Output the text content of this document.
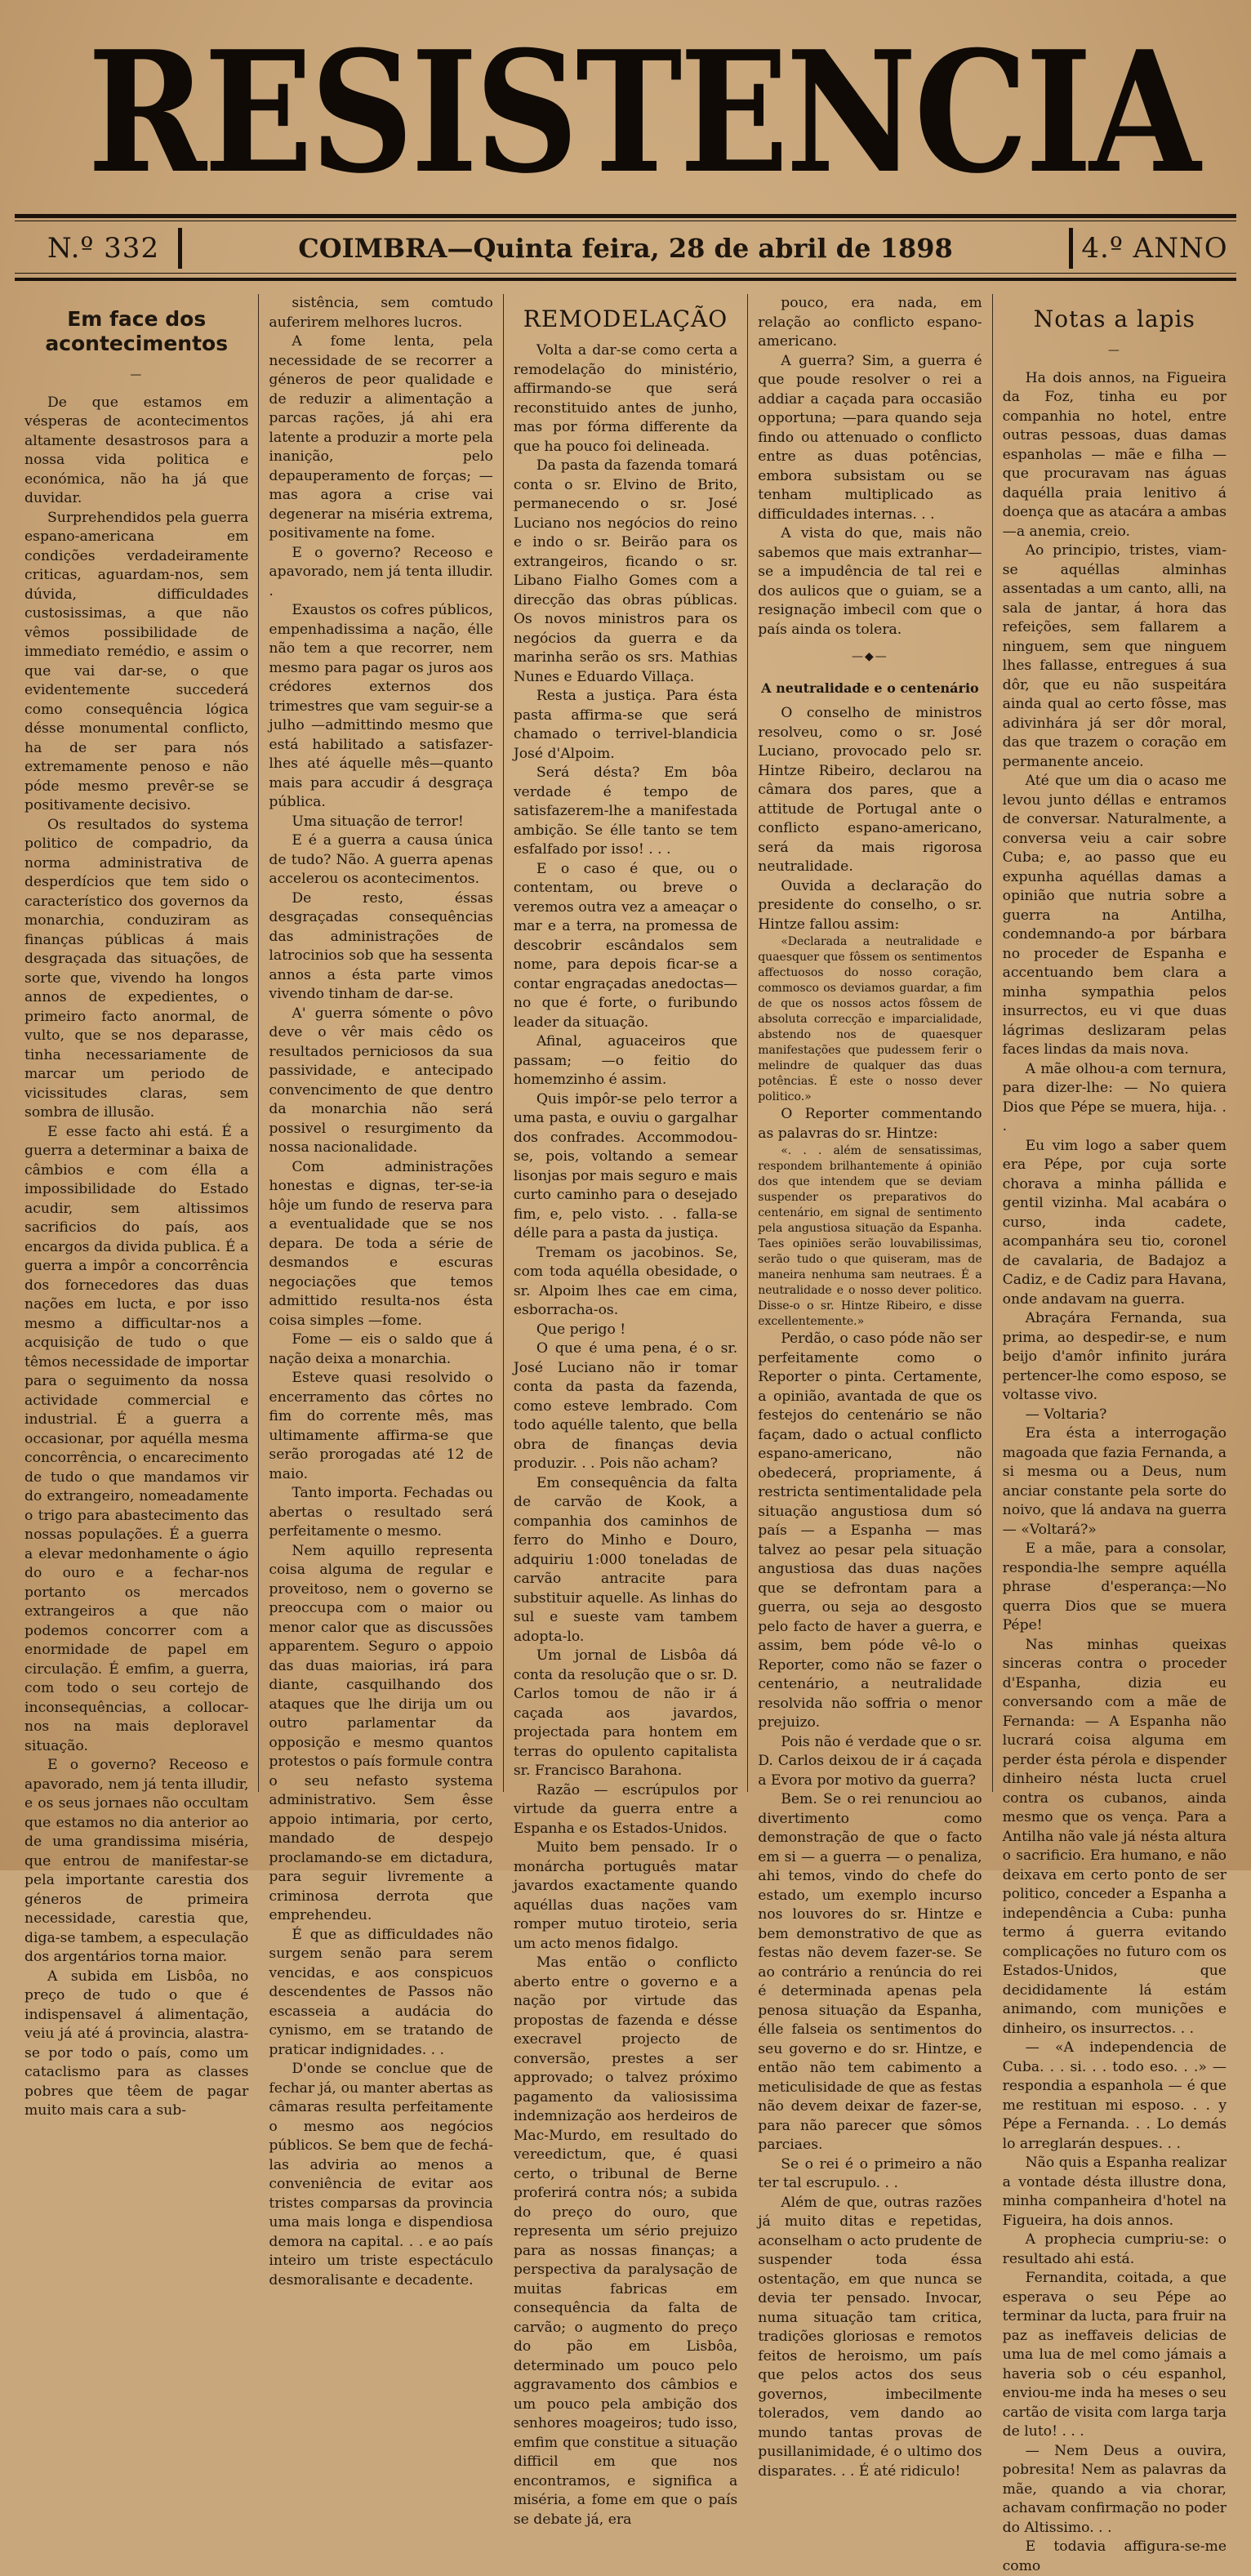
RESISTENCIA
N.º 332	COIMBRA—Quinta feira, 28 de abril de 1898	4.º ANNO
Em face dos acontecimentos
—

De que estamos em vésperas de acontecimentos altamente desastrosos para a nossa vida politica e económica, não ha já que duvidar.

Surprehendidos pela guerra espano-americana em condições verdadeiramente criticas, aguardam-nos, sem dúvida, difficuldades custosissimas, a que não vêmos possibilidade de immediato remédio, e assim o que vai dar-se, o que evidentemente succederá como consequência lógica désse monumental conflicto, ha de ser para nós extremamente penoso e não póde mesmo prevêr-se se positivamente decisivo.

Os resultados do systema politico de compadrio, da norma administrativa de desperdícios que tem sido o característico dos governos da monarchia, conduziram as finanças públicas á mais desgraçada das situações, de sorte que, vivendo ha longos annos de expedientes, o primeiro facto anormal, de vulto, que se nos deparasse, tinha necessariamente de marcar um periodo de vicissitudes claras, sem sombra de illusão.

E esse facto ahi está. É a guerra a determinar a baixa de câmbios e com élla a impossibilidade do Estado acudir, sem altissimos sacrificios do país, aos encargos da divida publica. É a guerra a impôr a concorrência dos fornecedores das duas nações em lucta, e por isso mesmo a difficultar-nos a acquisição de tudo o que têmos necessidade de importar para o seguimento da nossa actividade commercial e industrial. É a guerra a occasionar, por aquélla mesma concorrência, o encarecimento de tudo o que mandamos vir do extrangeiro, nomeadamente o trigo para abastecimento das nossas populações. É a guerra a elevar medonhamente o ágio do ouro e a fechar-nos portanto os mercados extrangeiros a que não podemos concorrer com a enormidade de papel em circulação. É emfim, a guerra, com todo o seu cortejo de inconsequências, a collocar-nos na mais deploravel situação.

E o governo? Receoso e apavorado, nem já tenta illudir, e os seus jornaes não occultam que estamos no dia anterior ao de uma grandissima miséria, que entrou de manifestar-se pela importante carestia dos géneros de primeira necessidade, carestia que, diga-se tambem, a especulação dos argentários torna maior.

A subida em Lisbôa, no preço de tudo o que é indispensavel á alimentação, veiu já até á provincia, alastra-se por todo o país, como um cataclismo para as classes pobres que têem de pagar muito mais cara a sub-

sistência, sem comtudo auferirem melhores lucros.

A fome lenta, pela necessidade de se recorrer a géneros de peor qualidade e de reduzir a alimentação a parcas rações, já ahi era latente a produzir a morte pela inanição, pelo depauperamento de forças; —mas agora a crise vai degenerar na miséria extrema, positivamente na fome.

E o governo? Receoso e apavorado, nem já tenta illudir. .

Exaustos os cofres públicos, empenhadissima a nação, élle não tem a que recorrer, nem mesmo para pagar os juros aos crédores externos dos trimestres que vam seguir-se a julho —admittindo mesmo que está habilitado a satisfazer-lhes até áquelle mês—quanto mais para accudir á desgraça pública.

Uma situação de terror!

E é a guerra a causa única de tudo? Não. A guerra apenas accelerou os acontecimentos.

De resto, éssas desgraçadas consequências das administrações de latrocinios sob que ha sessenta annos a ésta parte vimos vivendo tinham de dar-se.

A' guerra sómente o pôvo deve o vêr mais cêdo os resultados perniciosos da sua passividade, e antecipado convencimento de que dentro da monarchia não será possivel o resurgimento da nossa nacionalidade.

Com administrações honestas e dignas, ter-se-ia hôje um fundo de reserva para a eventualidade que se nos depara. De toda a série de desmandos e escuras negociações que temos admittido resulta-nos ésta coisa simples —fome.

Fome — eis o saldo que á nação deixa a monarchia.

Esteve quasi resolvido o encerramento das côrtes no fim do corrente mês, mas ultimamente affirma-se que serão prorogadas até 12 de maio.

Tanto importa. Fechadas ou abertas o resultado será perfeitamente o mesmo.

Nem aquillo representa coisa alguma de regular e proveitoso, nem o governo se preoccupa com o maior ou menor calor que as discussões apparentem. Seguro o appoio das duas maiorias, irá para diante, casquilhando dos ataques que lhe dirija um ou outro parlamentar da opposição e mesmo quantos protestos o país formule contra o seu nefasto systema administrativo. Sem êsse appoio intimaria, por certo, mandado de despejo proclamando-se em dictadura, para seguir livremente a criminosa derrota que emprehendeu.

É que as difficuldades não surgem senão para serem vencidas, e aos conspicuos descendentes de Passos não escasseia a audácia do cynismo, em se tratando de praticar indignidades. . .

D'onde se conclue que de fechar já, ou manter abertas as câmaras resulta perfeitamente o mesmo aos negócios públicos. Se bem que de fechá-las adviria ao menos a conveniência de evitar aos tristes comparsas da provincia uma mais longa e dispendiosa demora na capital. . . e ao país inteiro um triste espectáculo desmoralisante e decadente.

REMODELAÇÃO

Volta a dar-se como certa a remodelação do ministério, affirmando-se que será reconstituido antes de junho, mas por fórma differente da que ha pouco foi delineada.

Da pasta da fazenda tomará conta o sr. Elvino de Brito, permanecendo o sr. José Luciano nos negócios do reino e indo o sr. Beirão para os extrangeiros, ficando o sr. Libano Fialho Gomes com a direcção das obras públicas. Os novos ministros para os negócios da guerra e da marinha serão os srs. Mathias Nunes e Eduardo Villaça.

Resta a justiça. Para ésta pasta affirma-se que será chamado o terrivel-blandicia José d'Alpoim.

Será désta? Em bôa verdade é tempo de satisfazerem-lhe a manifestada ambição. Se élle tanto se tem esfalfado por isso! . . .

E o caso é que, ou o contentam, ou breve o veremos outra vez a ameaçar o mar e a terra, na promessa de descobrir escândalos sem nome, para depois ficar-se a contar engraçadas anedoctas—no que é forte, o furibundo leader da situação.

Afinal, aguaceiros que passam; —o feitio do homemzinho é assim.

Quis impôr-se pelo terror a uma pasta, e ouviu o gargalhar dos confrades. Accommodou-se, pois, voltando a semear lisonjas por mais seguro e mais curto caminho para o desejado fim, e, pelo visto. . . falla-se délle para a pasta da justiça.

Tremam os jacobinos. Se, com toda aquélla obesidade, o sr. Alpoim lhes cae em cima, esborracha-os.

Que perigo !

O que é uma pena, é o sr. José Luciano não ir tomar conta da pasta da fazenda, como esteve lembrado. Com todo aquélle talento, que bella obra de finanças devia produzir. . . Pois não acham?

Em consequência da falta de carvão de Kook, a companhia dos caminhos de ferro do Minho e Douro, adquiriu 1:000 toneladas de carvão antracite para substituir aquelle. As linhas do sul e sueste vam tambem adopta-lo.

Um jornal de Lisbôa dá conta da resolução que o sr. D. Carlos tomou de não ir á caçada aos javardos, projectada para hontem em terras do opulento capitalista sr. Francisco Barahona.

Razão — escrúpulos por virtude da guerra entre a Espanha e os Estados-Unidos.

Muito bem pensado. Ir o monárcha português matar javardos exactamente quando aquéllas duas nações vam romper mutuo tiroteio, seria um acto menos fidalgo.

Mas então o conflicto aberto entre o governo e a nação por virtude das propostas de fazenda e désse execravel projecto de conversão, prestes a ser approvado; o talvez próximo pagamento da valiosissima indemnização aos herdeiros de Mac-Murdo, em resultado do vereedictum, que, é quasi certo, o tribunal de Berne proferirá contra nós; a subida do preço do ouro, que representa um sério prejuizo para as nossas finanças; a perspectiva da paralysação de muitas fabricas em consequência da falta de carvão; o augmento do preço do pão em Lisbôa, determinado um pouco pelo aggravamento dos câmbios e um pouco pela ambição dos senhores moageiros; tudo isso, emfim que constitue a situação difficil em que nos encontramos, e significa a miséria, a fome em que o país se debate já, era

pouco, era nada, em relação ao conflicto espano-americano.

A guerra? Sim, a guerra é que poude resolver o rei a addiar a caçada para occasião opportuna; —para quando seja findo ou attenuado o conflicto entre as duas potências, embora subsistam ou se tenham multiplicado as difficuldades internas. . .

A vista do que, mais não sabemos que mais extranhar—se a impudência de tal rei e dos aulicos que o guiam, se a resignação imbecil com que o país ainda os tolera.

—◆—
A neutralidade e o centenário

O conselho de ministros resolveu, como o sr. José Luciano, provocado pelo sr. Hintze Ribeiro, declarou na câmara dos pares, que a attitude de Portugal ante o conflicto espano-americano, será da mais rigorosa neutralidade.

Ouvida a declaração do presidente do conselho, o sr. Hintze fallou assim:

«Declarada a neutralidade e quaesquer que fôssem os sentimentos affectuosos do nosso coração, commosco os deviamos guardar, a fim de que os nossos actos fôssem de absoluta correcção e imparcialidade, abstendo nos de quaesquer manifestações que pudessem ferir o melindre de qualquer das duas potências. É este o nosso dever politico.»

O Reporter commentando as palavras do sr. Hintze:

«. . . além de sensatissimas, respondem brilhantemente á opinião dos que intendem que se deviam suspender os preparativos do centenário, em signal de sentimento pela angustiosa situação da Espanha. Taes opiniões serão louvabilissimas, serão tudo o que quiseram, mas de maneira nenhuma sam neutraes. É a neutralidade e o nosso dever politico. Disse-o o sr. Hintze Ribeiro, e disse excellentemente.»

Perdão, o caso póde não ser perfeitamente como o Reporter o pinta. Certamente, a opinião, avantada de que os festejos do centenário se não façam, dado o actual conflicto espano-americano, não obedecerá, propriamente, á restricta sentimentalidade pela situação angustiosa dum só país — a Espanha — mas talvez ao pesar pela situação angustiosa das duas nações que se defrontam para a guerra, ou seja ao desgosto pelo facto de haver a guerra, e assim, bem póde vê-lo o Reporter, como não se fazer o centenário, a neutralidade resolvida não soffria o menor prejuizo.

Pois não é verdade que o sr. D. Carlos deixou de ir á caçada a Evora por motivo da guerra?

Bem. Se o rei renunciou ao divertimento como demonstração de que o facto em si — a guerra — o penaliza, ahi temos, vindo do chefe do estado, um exemplo incurso nos louvores do sr. Hintze e bem demonstrativo de que as festas não devem fazer-se. Se ao contrário a renúncia do rei é determinada apenas pela penosa situação da Espanha, élle falseia os sentimentos do seu governo e do sr. Hintze, e então não tem cabimento a meticulisidade de que as festas não devem deixar de fazer-se, para não parecer que sômos parciaes.

Se o rei é o primeiro a não ter tal escrupulo. . .

Além de que, outras razões já muito ditas e repetidas, aconselham o acto prudente de suspender toda éssa ostentação, em que nunca se devia ter pensado. Invocar, numa situação tam critica, tradições gloriosas e remotos feitos de heroismo, um país que pelos actos dos seus governos, imbecilmente tolerados, vem dando ao mundo tantas provas de pusillanimidade, é o ultimo dos disparates. . . É até ridiculo!

Notas a lapis
—

Ha dois annos, na Figueira da Foz, tinha eu por companhia no hotel, entre outras pessoas, duas damas espanholas — mãe e filha — que procuravam nas águas daquélla praia lenitivo á doença que as atacára a ambas—a anemia, creio.

Ao principio, tristes, viam-se aquéllas alminhas assentadas a um canto, alli, na sala de jantar, á hora das refeições, sem fallarem a ninguem, sem que ninguem lhes fallasse, entregues á sua dôr, que eu não suspeitára ainda qual ao certo fôsse, mas adivinhára já ser dôr moral, das que trazem o coração em permanente anceio.

Até que um dia o acaso me levou junto déllas e entramos de conversar. Naturalmente, a conversa veiu a cair sobre Cuba; e, ao passo que eu expunha aquéllas damas a opinião que nutria sobre a guerra na Antilha, condemnando-a por bárbara no proceder de Espanha e accentuando bem clara a minha sympathia pelos insurrectos, eu vi que duas lágrimas deslizaram pelas faces lindas da mais nova.

A mãe olhou-a com ternura, para dizer-lhe: — No quiera Dios que Pépe se muera, hija. . .

Eu vim logo a saber quem era Pépe, por cuja sorte chorava a minha pállida e gentil vizinha. Mal acabára o curso, inda cadete, acompanhára seu tio, coronel de cavalaria, de Badajoz a Cadiz, e de Cadiz para Havana, onde andavam na guerra.

Abraçára Fernanda, sua prima, ao despedir-se, e num beijo d'amôr infinito jurára pertencer-lhe como esposo, se voltasse vivo.

— Voltaria?

Era ésta a interrogação magoada que fazia Fernanda, a si mesma ou a Deus, num anciar constante pela sorte do noivo, que lá andava na guerra — «Voltará?»

E a mãe, para a consolar, respondia-lhe sempre aquélla phrase d'esperança:—No querra Dios que se muera Pépe!

Nas minhas queixas sinceras contra o proceder d'Espanha, dizia eu conversando com a mãe de Fernanda: — A Espanha não lucrará coisa alguma em perder ésta pérola e dispender dinheiro nésta lucta cruel contra os cubanos, ainda mesmo que os vença. Para a Antilha não vale já nésta altura o sacrificio. Era humano, e não deixava em certo ponto de ser politico, conceder a Espanha a independência a Cuba: punha termo á guerra evitando complicações no futuro com os Estados-Unidos, que decididamente lá estám animando, com munições e dinheiro, os insurrectos. . .

— «A independencia de Cuba. . . si. . . todo eso. . .» — respondia a espanhola — é que me restituan mi esposo. . . y Pépe a Fernanda. . . Lo demás lo arreglarán despues. . .

Não quis a Espanha realizar a vontade désta illustre dona, minha companheira d'hotel na Figueira, ha dois annos.

A prophecia cumpriu-se: o resultado ahi está.

Fernandita, coitada, a que esperava o seu Pépe ao terminar da lucta, para fruir na paz as ineffaveis delicias de uma lua de mel como jámais a haveria sob o céu espanhol, enviou-me inda ha meses o seu cartão de visita com larga tarja de luto! . . .

— Nem Deus a ouvira, pobresita! Nem as palavras da mãe, quando a via chorar, achavam confirmação no poder do Altissimo. . .

E todavia affigura-se-me como
